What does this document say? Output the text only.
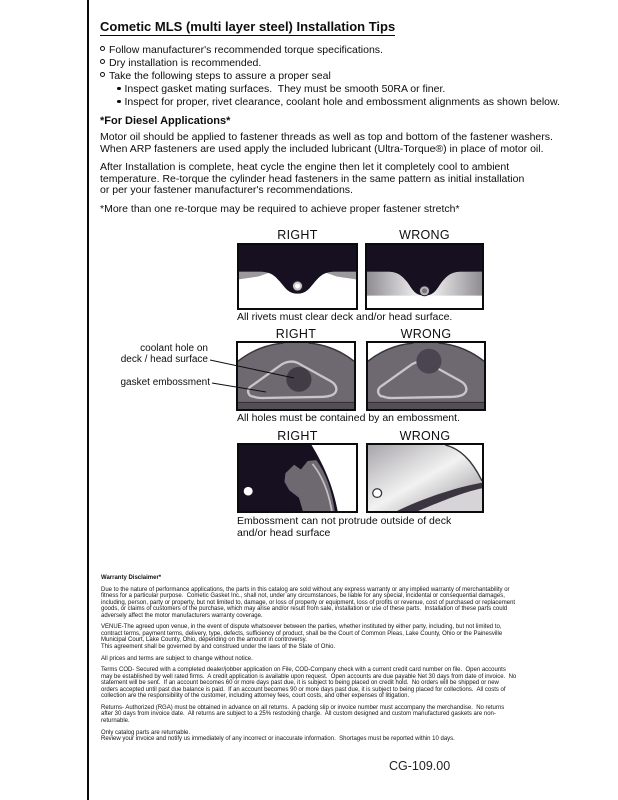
Cometic MLS (multi layer steel) Installation Tips
Follow manufacturer's recommended torque specifications.
Dry installation is recommended.
Take the following steps to assure a proper seal
Inspect gasket mating surfaces.  They must be smooth 50RA or finer.
Inspect for proper, rivet clearance, coolant hole and embossment alignments as shown below.
*For Diesel Applications*
Motor oil should be applied to fastener threads as well as top and bottom of the fastener washers.
When ARP fasteners are used apply the included lubricant (Ultra-Torque®) in place of motor oil.
After Installation is complete, heat cycle the engine then let it completely cool to ambient
temperature. Re-torque the cylinder head fasteners in the same pattern as initial installation
or per your fastener manufacturer's recommendations.
*More than one re-torque may be required to achieve proper fastener stretch*
RIGHT	WRONG
All rivets must clear deck and/or head surface.
RIGHT	WRONG
coolant hole on
deck / head surface
gasket embossment
All holes must be contained by an embossment.
RIGHT	WRONG
Embossment can not protrude outside of deck
and/or head surface
Warranty Disclaimer*

Due to the nature of performance applications, the parts in this catalog are sold without any express warranty or any implied warranty of merchantability or fitness for a particular purpose.  Cometic Gasket Inc., shall not, under any circumstances, be liable for any special, incidental or consequential damages, including, person, party or property, but not limited to, damage, or loss of property or equipment, loss of profits or revenue, cost of purchased or replacement goods, or claims of customers of the purchase, which may arise and/or result from sale, installation or use of these parts.  Installation of these parts could adversely affect the motor manufacturers warranty coverage.

VENUE-The agreed upon venue, in the event of dispute whatsoever between the parties, whether instituted by either party, including, but not limited to, contract terms, payment terms, delivery, type, defects, sufficiency of product, shall be the Court of Common Pleas, Lake County, Ohio or the Painesville Municipal Court, Lake County, Ohio, depending on the amount in controversy.

This agreement shall be governed by and construed under the laws of the State of Ohio.

All prices and terms are subject to change without notice.

Terms COD- Secured with a completed dealer/jobber application on File, COD-Company check with a current credit card number on file.  Open accounts may be established by well rated firms.  A credit application is available upon request.  Open accounts are due payable Net 30 days from date of invoice.  No statement will be sent.  If an account becomes 60 or more days past due, it is subject to being placed on credit hold.  No orders will be shipped or new orders accepted until past due balance is paid.  If an account becomes 90 or more days past due, it is subject to being placed for collections.  All costs of collection are the responsibility of the customer, including attorney fees, court costs, and other expenses of litigation.

Returns- Authorized (RGA) must be obtained in advance on all returns.  A packing slip or invoice number must accompany the merchandise.  No returns after 30 days from invoice date.  All returns are subject to a 25% restocking charge.  All custom designed and custom manufactured gaskets are non-returnable.

Only catalog parts are returnable.

Review your invoice and notify us immediately of any incorrect or inaccurate information.  Shortages must be reported within 10 days.

CG-109.00
